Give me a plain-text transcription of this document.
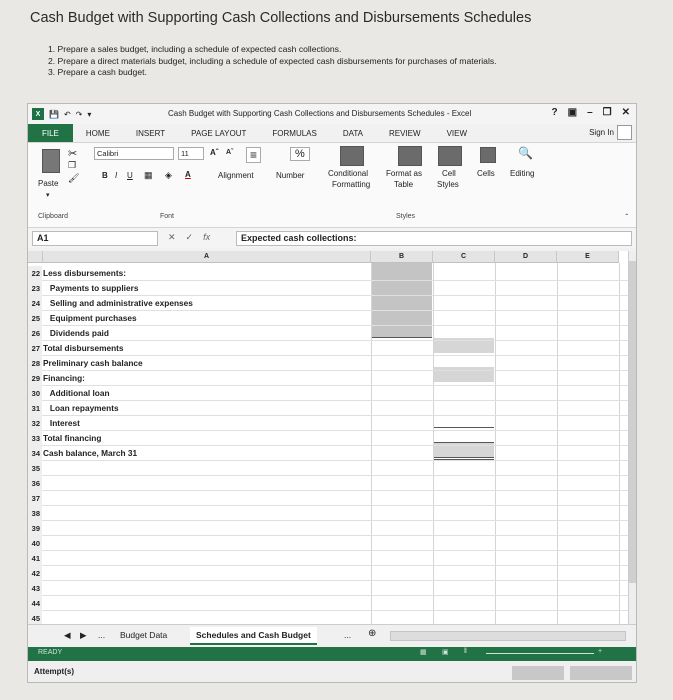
Cash Budget with Supporting Cash Collections and Disbursements Schedules
1. Prepare a sales budget, including a schedule of expected cash collections.
2. Prepare a direct materials budget, including a schedule of expected cash disbursements for purchases of materials.
3. Prepare a cash budget.
X	💾 ↶ ↷ ▾	Cash Budget with Supporting Cash Collections and Disbursements Schedules - Excel	? ▣ – ❐ ✕
FILE	HOME	INSERT	PAGE LAYOUT	FORMULAS	DATA	REVIEW	VIEW	Sign In
✂
❐
🖌
Paste
▾
Calibri	11	Aˆ Aˇ
B I U ▦ ◈ A
≡
Alignment
%
Number	Conditional
Formatting
Format as
Table
Cell
Styles
Cells
🔍
Editing
Clipboard	Font	Styles	ˆ
A1	✕ ✓ fx	Expected cash collections:
A	B	C	D	E
22 Less disbursements:
23 Payments to suppliers
24 Selling and administrative expenses
25 Equipment purchases
26 Dividends paid
27 Total disbursements
28 Preliminary cash balance
29 Financing:
30 Additional loan
31 Loan repayments
32 Interest
33 Total financing
34 Cash balance, March 31
35
36
37
38
39
40
41
42
43
44
45
◀ ▶ ... Budget Data	Schedules and Cash Budget	... ⊕
READY	▦ ▣ ‖	+
Attempt(s)
